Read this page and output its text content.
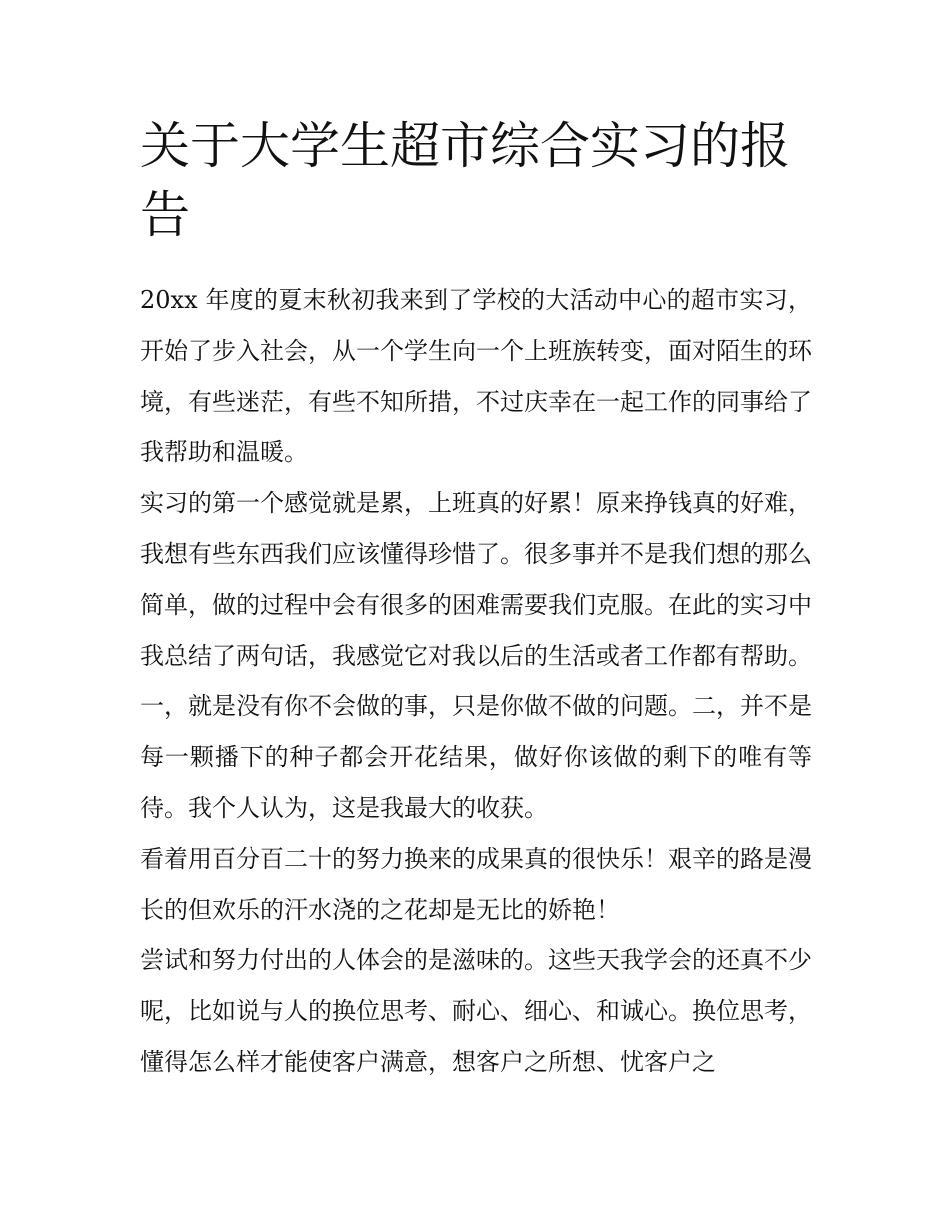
关于大学生超市综合实习的报告

20xx 年度的夏末秋初我来到了学校的大活动中心的超市实习，开始了步入社会，从一个学生向一个上班族转变，面对陌生的环境，有些迷茫，有些不知所措，不过庆幸在一起工作的同事给了我帮助和温暖。

实习的第一个感觉就是累，上班真的好累！原来挣钱真的好难，我想有些东西我们应该懂得珍惜了。很多事并不是我们想的那么简单，做的过程中会有很多的困难需要我们克服。在此的实习中我总结了两句话，我感觉它对我以后的生活或者工作都有帮助。一，就是没有你不会做的事，只是你做不做的问题。二，并不是每一颗播下的种子都会开花结果，做好你该做的剩下的唯有等待。我个人认为，这是我最大的收获。

看着用百分百二十的努力换来的成果真的很快乐！艰辛的路是漫长的但欢乐的汗水浇的之花却是无比的娇艳！

尝试和努力付出的人体会的是滋味的。这些天我学会的还真不少呢，比如说与人的换位思考、耐心、细心、和诚心。换位思考，懂得怎么样才能使客户满意，想客户之所想、忧客户之
